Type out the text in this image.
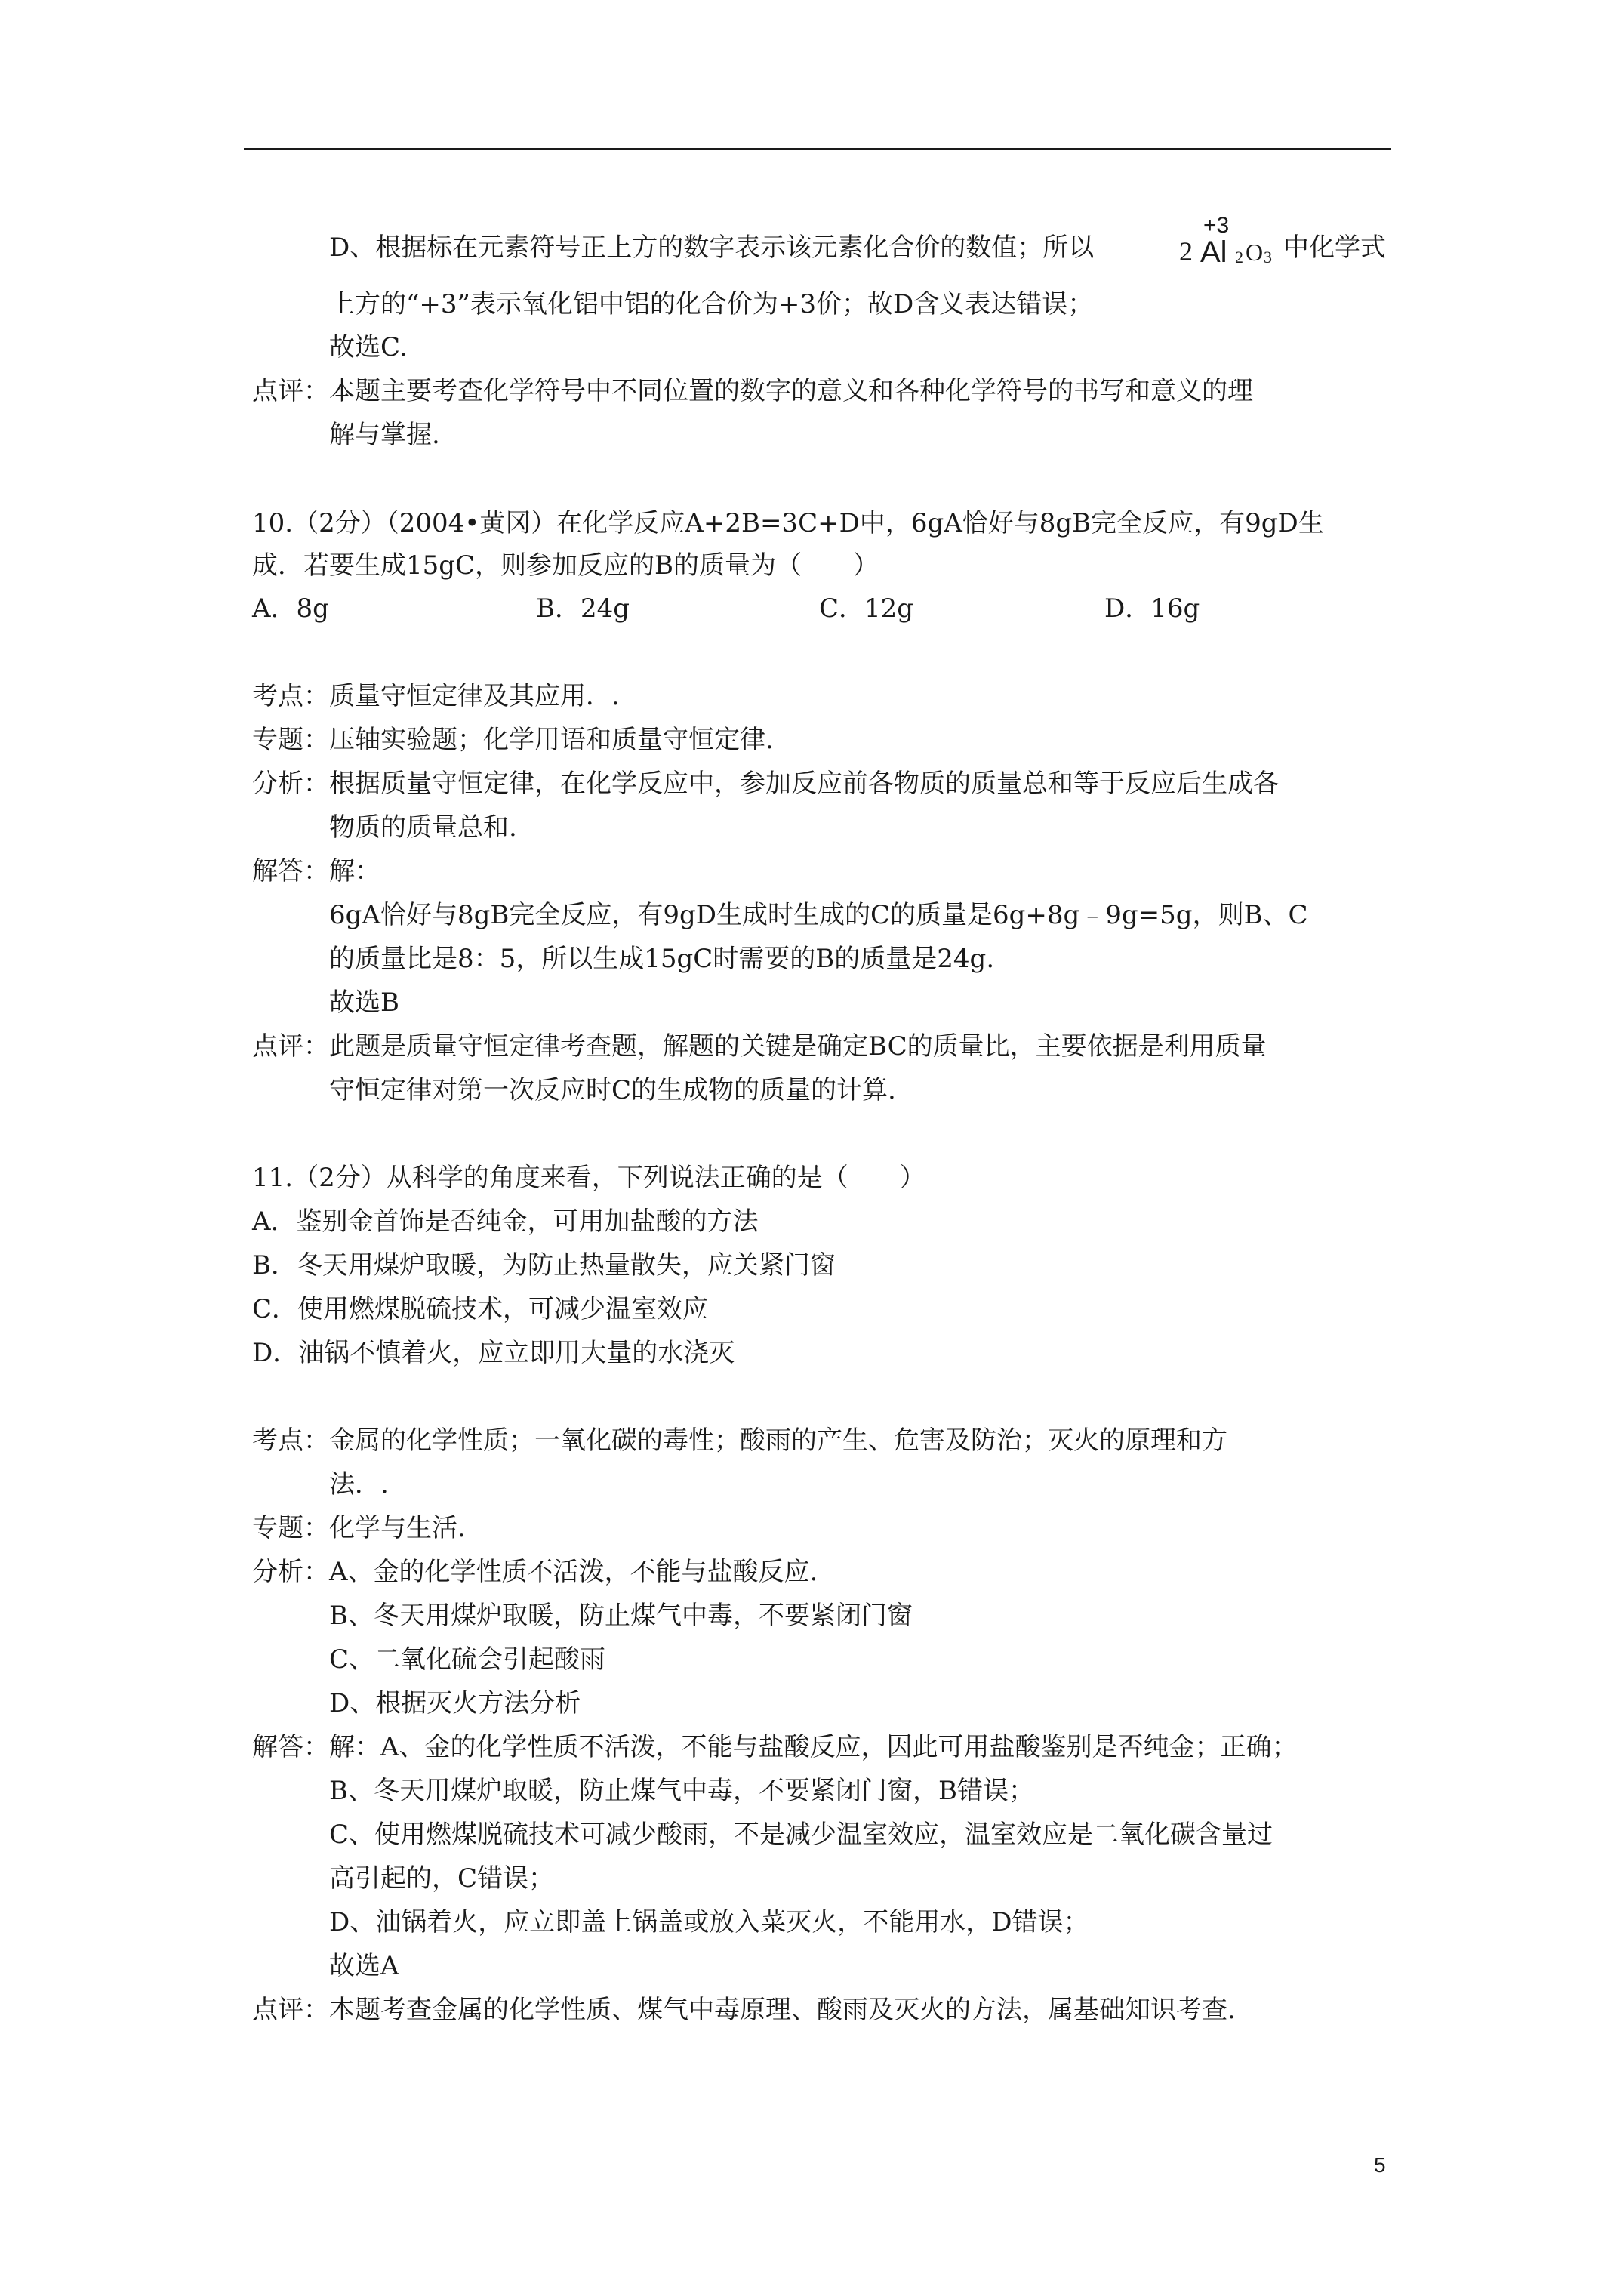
D、根据标在元素符号正上方的数字表示该元素化合价的数值；所以	2
+3
Al 2 O 3 中化学式
上方的“+3”表示氧化铝中铝的化合价为+3价；故D含义表达错误；
故选C.
点评：本题主要考查化学符号中不同位置的数字的意义和各种化学符号的书写和意义的理
解与掌握.
10.（2分）（2004•黄冈）在化学反应A+2B=3C+D中，6gA恰好与8gB完全反应，有9gD生
成．若要生成15gC，则参加反应的B的质量为（　　）
A．8g	B．24g	C．12g	D．16g
考点：质量守恒定律及其应用．.
专题：压轴实验题；化学用语和质量守恒定律.
分析：根据质量守恒定律，在化学反应中，参加反应前各物质的质量总和等于反应后生成各
物质的质量总和.
解答：解：
6gA恰好与8gB完全反应，有9gD生成时生成的C的质量是6g+8g﹣9g=5g，则B、C
的质量比是8：5，所以生成15gC时需要的B的质量是24g.
故选B
点评：此题是质量守恒定律考查题，解题的关键是确定BC的质量比，主要依据是利用质量
守恒定律对第一次反应时C的生成物的质量的计算.
11.（2分）从科学的角度来看，下列说法正确的是（　　）
A．鉴别金首饰是否纯金，可用加盐酸的方法
B．冬天用煤炉取暖，为防止热量散失，应关紧门窗
C．使用燃煤脱硫技术，可减少温室效应
D．油锅不慎着火，应立即用大量的水浇灭
考点：金属的化学性质；一氧化碳的毒性；酸雨的产生、危害及防治；灭火的原理和方
法．.
专题：化学与生活.
分析：A、金的化学性质不活泼，不能与盐酸反应.
B、冬天用煤炉取暖，防止煤气中毒，不要紧闭门窗
C、二氧化硫会引起酸雨
D、根据灭火方法分析
解答：解：A、金的化学性质不活泼，不能与盐酸反应，因此可用盐酸鉴别是否纯金；正确；
B、冬天用煤炉取暖，防止煤气中毒，不要紧闭门窗，B错误；
C、使用燃煤脱硫技术可减少酸雨，不是减少温室效应，温室效应是二氧化碳含量过
高引起的，C错误；
D、油锅着火，应立即盖上锅盖或放入菜灭火，不能用水，D错误；
故选A
点评：本题考查金属的化学性质、煤气中毒原理、酸雨及灭火的方法，属基础知识考查.
5
